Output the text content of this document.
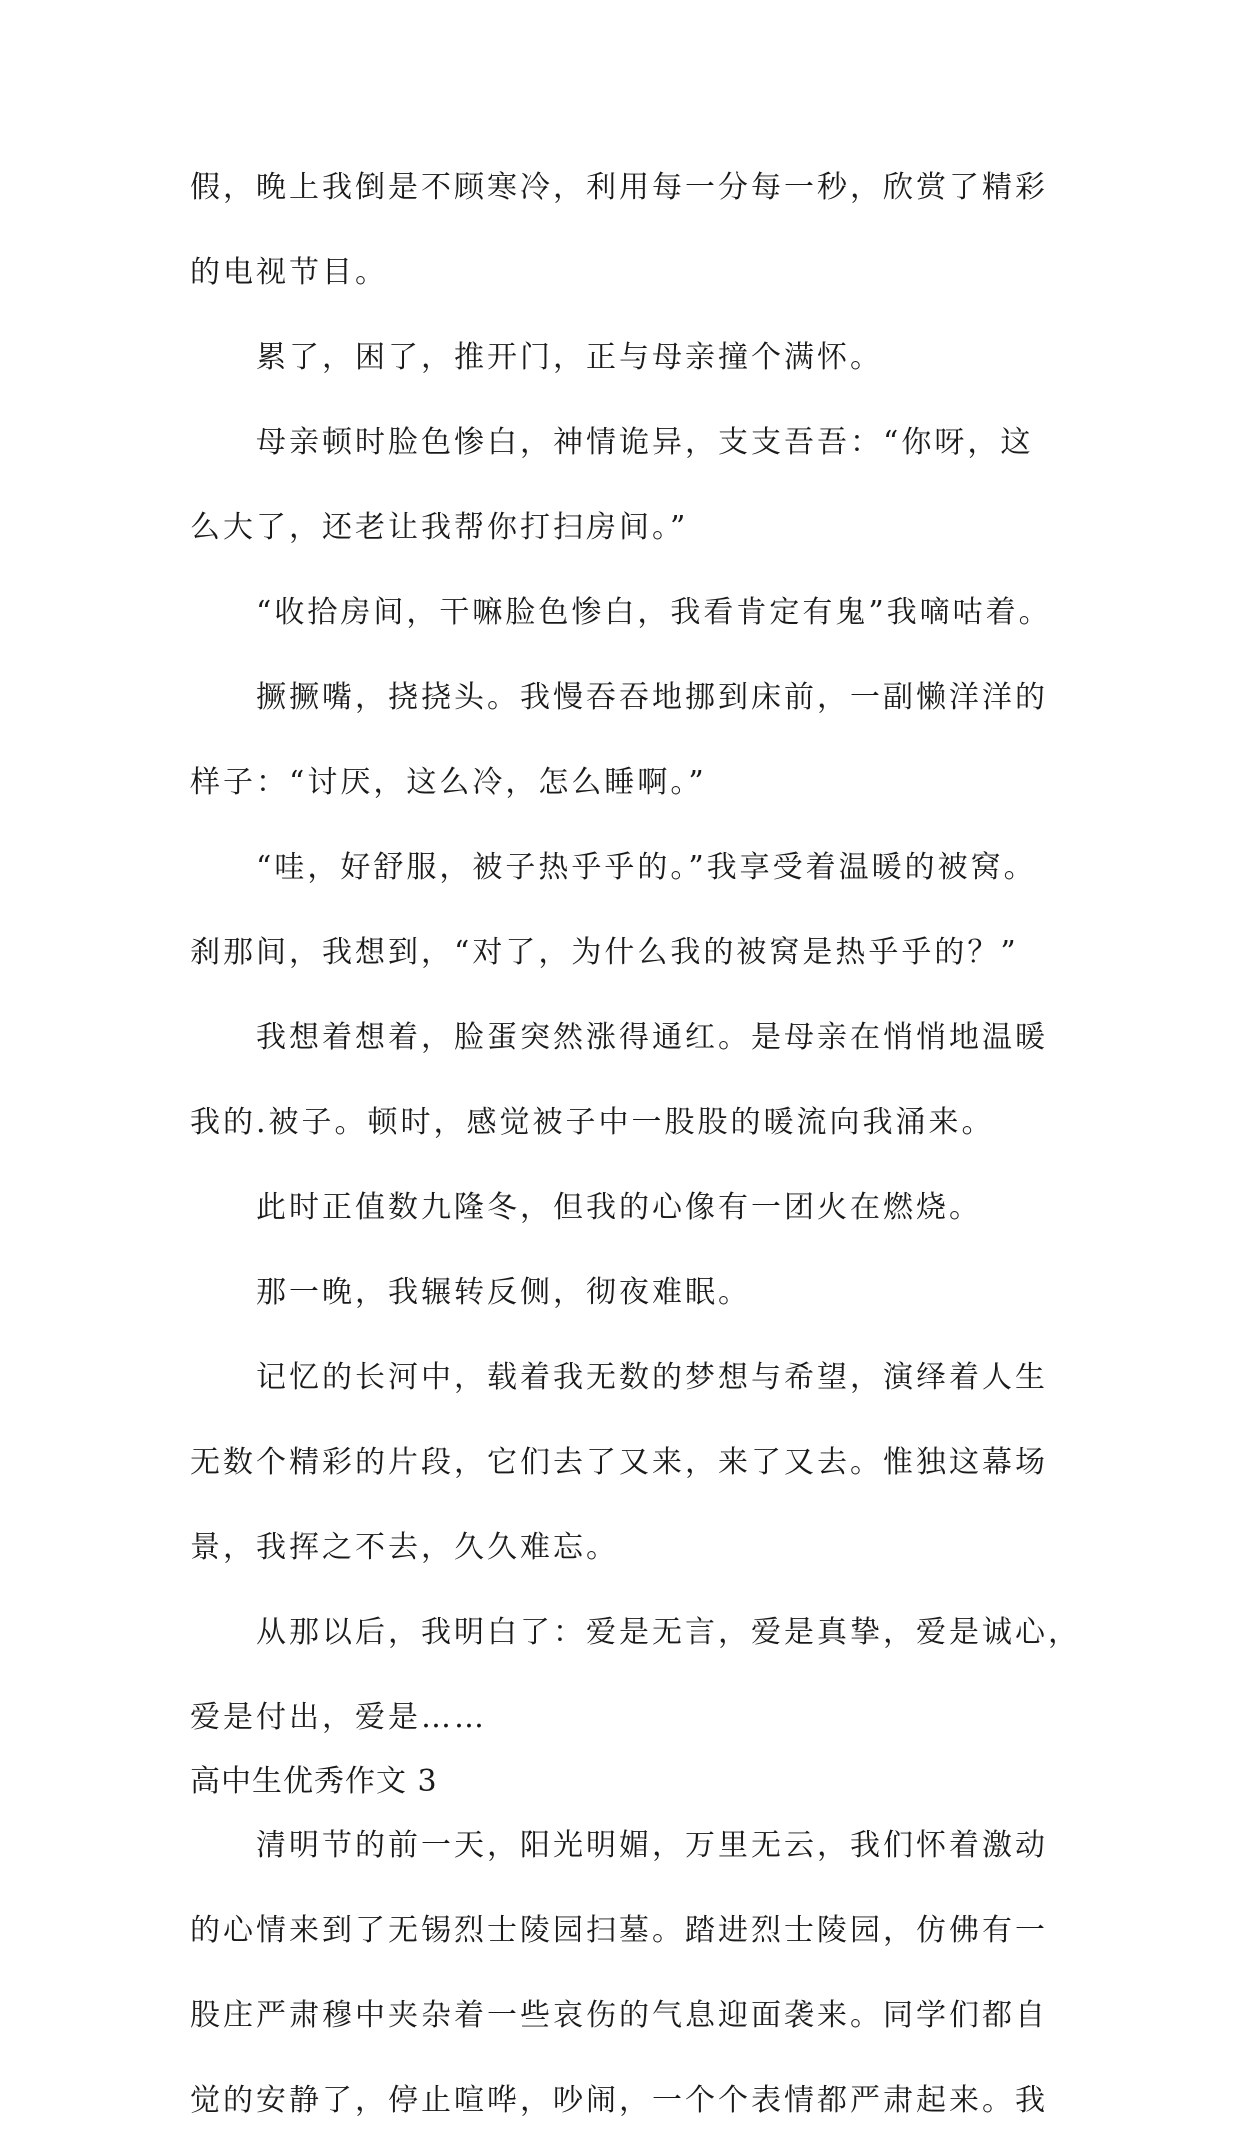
假，晚上我倒是不顾寒冷，利用每一分每一秒，欣赏了精彩
的电视节目。
累了，困了，推开门，正与母亲撞个满怀。
母亲顿时脸色惨白，神情诡异，支支吾吾：“你呀，这
么大了，还老让我帮你打扫房间。”
“收拾房间，干嘛脸色惨白，我看肯定有鬼”我嘀咕着。
撅撅嘴，挠挠头。我慢吞吞地挪到床前，一副懒洋洋的
样子：“讨厌，这么冷，怎么睡啊。”
“哇，好舒服，被子热乎乎的。”我享受着温暖的被窝。
刹那间，我想到，“对了，为什么我的被窝是热乎乎的？”
我想着想着，脸蛋突然涨得通红。是母亲在悄悄地温暖
我的.被子。顿时，感觉被子中一股股的暖流向我涌来。
此时正值数九隆冬，但我的心像有一团火在燃烧。
那一晚，我辗转反侧，彻夜难眠。
记忆的长河中，载着我无数的梦想与希望，演绎着人生
无数个精彩的片段，它们去了又来，来了又去。惟独这幕场
景，我挥之不去，久久难忘。
从那以后，我明白了：爱是无言，爱是真挚，爱是诚心，
爱是付出，爱是……
高中生优秀作文 3
清明节的前一天，阳光明媚，万里无云，我们怀着激动
的心情来到了无锡烈士陵园扫墓。踏进烈士陵园，仿佛有一
股庄严肃穆中夹杂着一些哀伤的气息迎面袭来。同学们都自
觉的安静了，停止喧哗，吵闹，一个个表情都严肃起来。我
